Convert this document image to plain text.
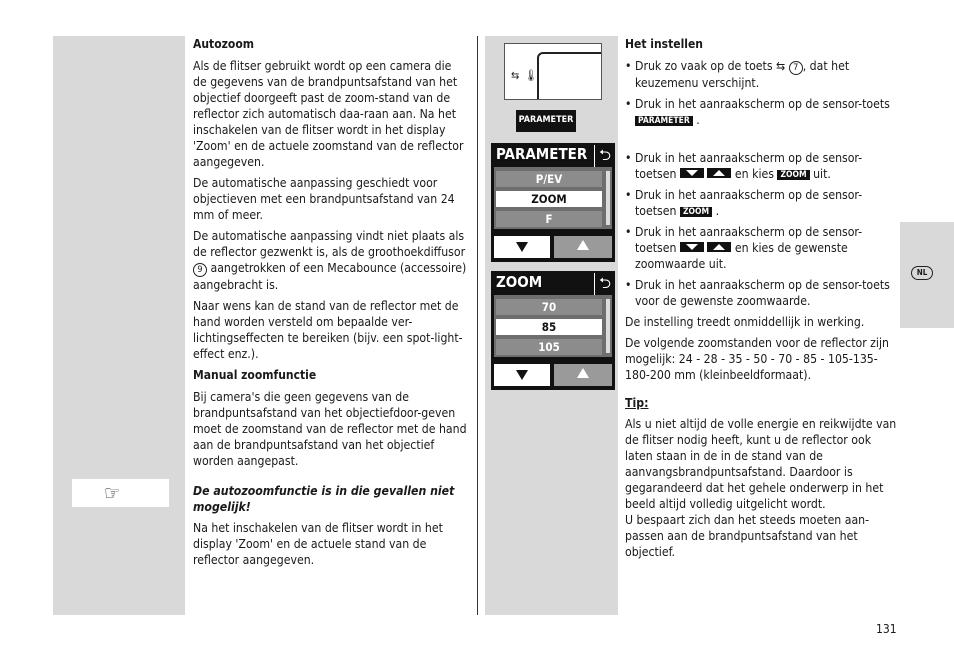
☞
Autozoom

Als de flitser gebruikt wordt op een camera die de gegevens van de brandpuntsafstand van het objectief doorgeeft past de zoom-stand van de reflector zich automatisch daa-raan aan. Na het inschakelen van de flitser wordt in het display 'Zoom' en de actuele zoomstand van de reflector aangegeven.

De automatische aanpassing geschiedt voor objectieven met een brandpuntsafstand van 24 mm of meer.

De automatische aanpassing vindt niet plaats als de reflector gezwenkt is, als de groothoekdiffusor 9 aangetrokken of een Mecabounce (accessoire) aangebracht is.

Naar wens kan de stand van de reflector met de hand worden versteld om bepaalde ver-lichtingseffecten te bereiken (bijv. een spot-light-effect enz.).

Manual zoomfunctie

Bij camera's die geen gegevens van de brandpuntsafstand van het objectiefdoor-geven moet de zoomstand van de reflector met de hand aan de brandpuntsafstand van het objectief worden aangepast.

De autozoomfunctie is in die gevallen niet mogelijk!

Na het inschakelen van de flitser wordt in het display 'Zoom' en de actuele stand van de reflector aangegeven.

⇆ 🌡
PARAMETER
PARAMETER ⮌
P/EV
ZOOM
F
ZOOM	⮌
70
85
105
Het instellen
• Druk zo vaak op de toets ⇆ 7 , dat het keuzemenu verschijnt.
• Druk in het aanraakscherm op de sensor-toets PARAMETER .
• Druk in het aanraakscherm op de sensor-toetsen	en kies ZOOM uit.
• Druk in het aanraakscherm op de sensor-toetsen ZOOM .
• Druk in het aanraakscherm op de sensor-toetsen	en kies de gewenste zoomwaarde uit.
• Druk in het aanraakscherm op de sensor-toets voor de gewenste zoomwaarde.

De instelling treedt onmiddellijk in werking.

De volgende zoomstanden voor de reflector zijn mogelijk: 24 - 28 - 35 - 50 - 70 - 85 - 105-135-180-200 mm (kleinbeeldformaat).

Tip:

Als u niet altijd de volle energie en reikwijdte van de flitser nodig heeft, kunt u de reflector ook laten staan in de in de stand van de aanvangsbrandpuntsafstand. Daardoor is gegarandeerd dat het gehele onderwerp in het beeld altijd volledig uitgelicht wordt.
U bespaart zich dan het steeds moeten aan-passen aan de brandpuntsafstand van het objectief.
NL
131
